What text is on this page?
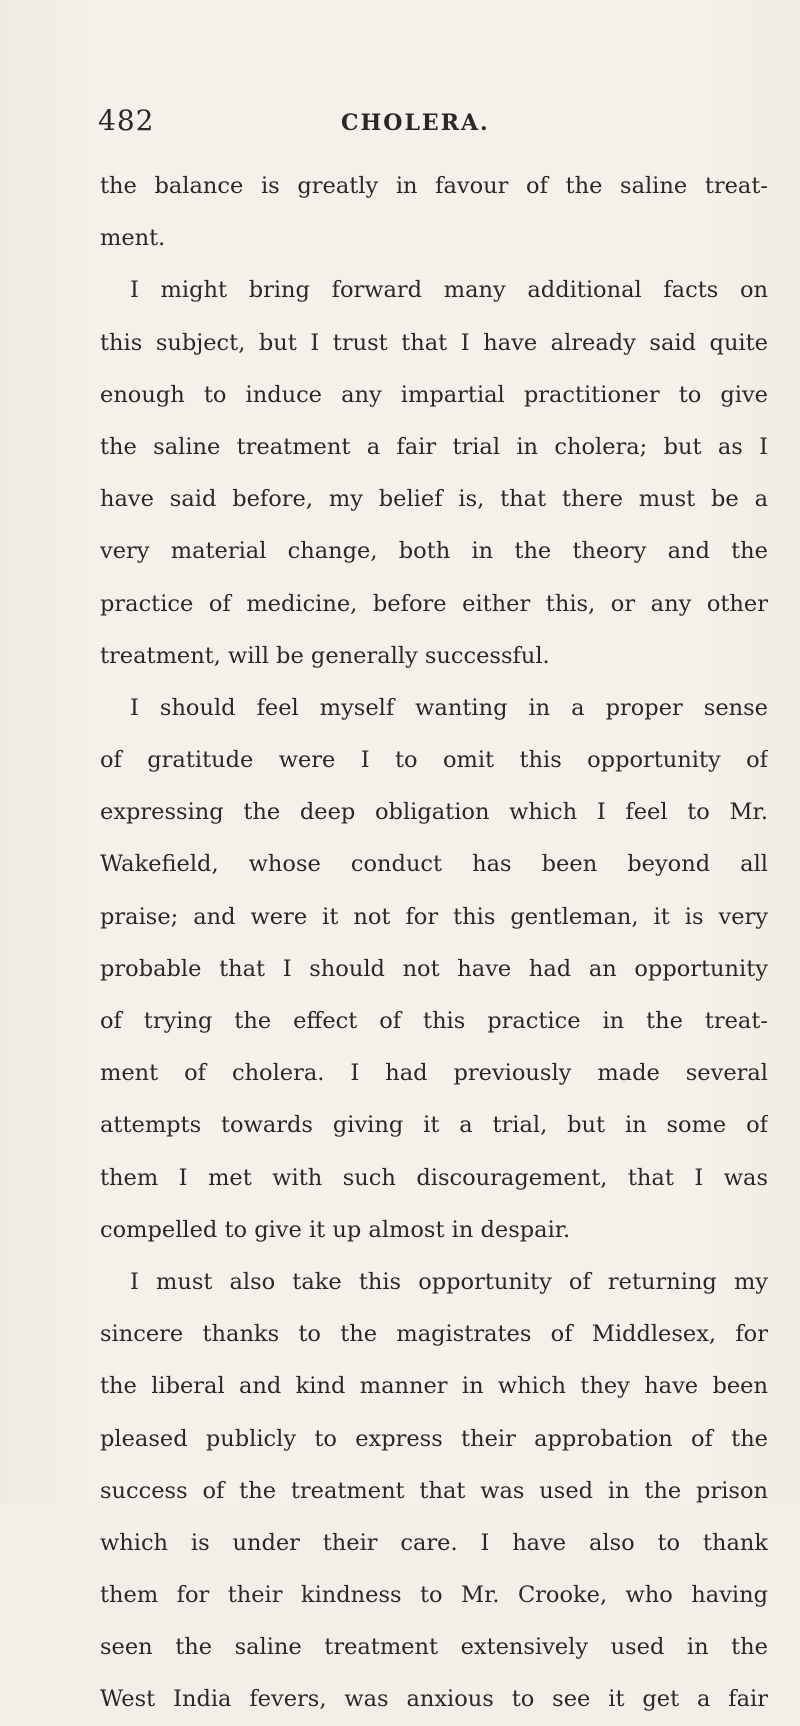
482	CHOLERA.
the balance is greatly in favour of the saline treat-
ment.
I might bring forward many additional facts on
this subject, but I trust that I have already said quite
enough to induce any impartial practitioner to give
the saline treatment a fair trial in cholera; but as I
have said before, my belief is, that there must be a
very material change, both in the theory and the
practice of medicine, before either this, or any other
treatment, will be generally successful.
I should feel myself wanting in a proper sense
of gratitude were I to omit this opportunity of
expressing the deep obligation which I feel to Mr.
Wakefield, whose conduct has been beyond all
praise; and were it not for this gentleman, it is very
probable that I should not have had an opportunity
of trying the effect of this practice in the treat-
ment of cholera. I had previously made several
attempts towards giving it a trial, but in some of
them I met with such discouragement, that I was
compelled to give it up almost in despair.
I must also take this opportunity of returning my
sincere thanks to the magistrates of Middlesex, for
the liberal and kind manner in which they have been
pleased publicly to express their approbation of the
success of the treatment that was used in the prison
which is under their care. I have also to thank
them for their kindness to Mr. Crooke, who having
seen the saline treatment extensively used in the
West India fevers, was anxious to see it get a fair
